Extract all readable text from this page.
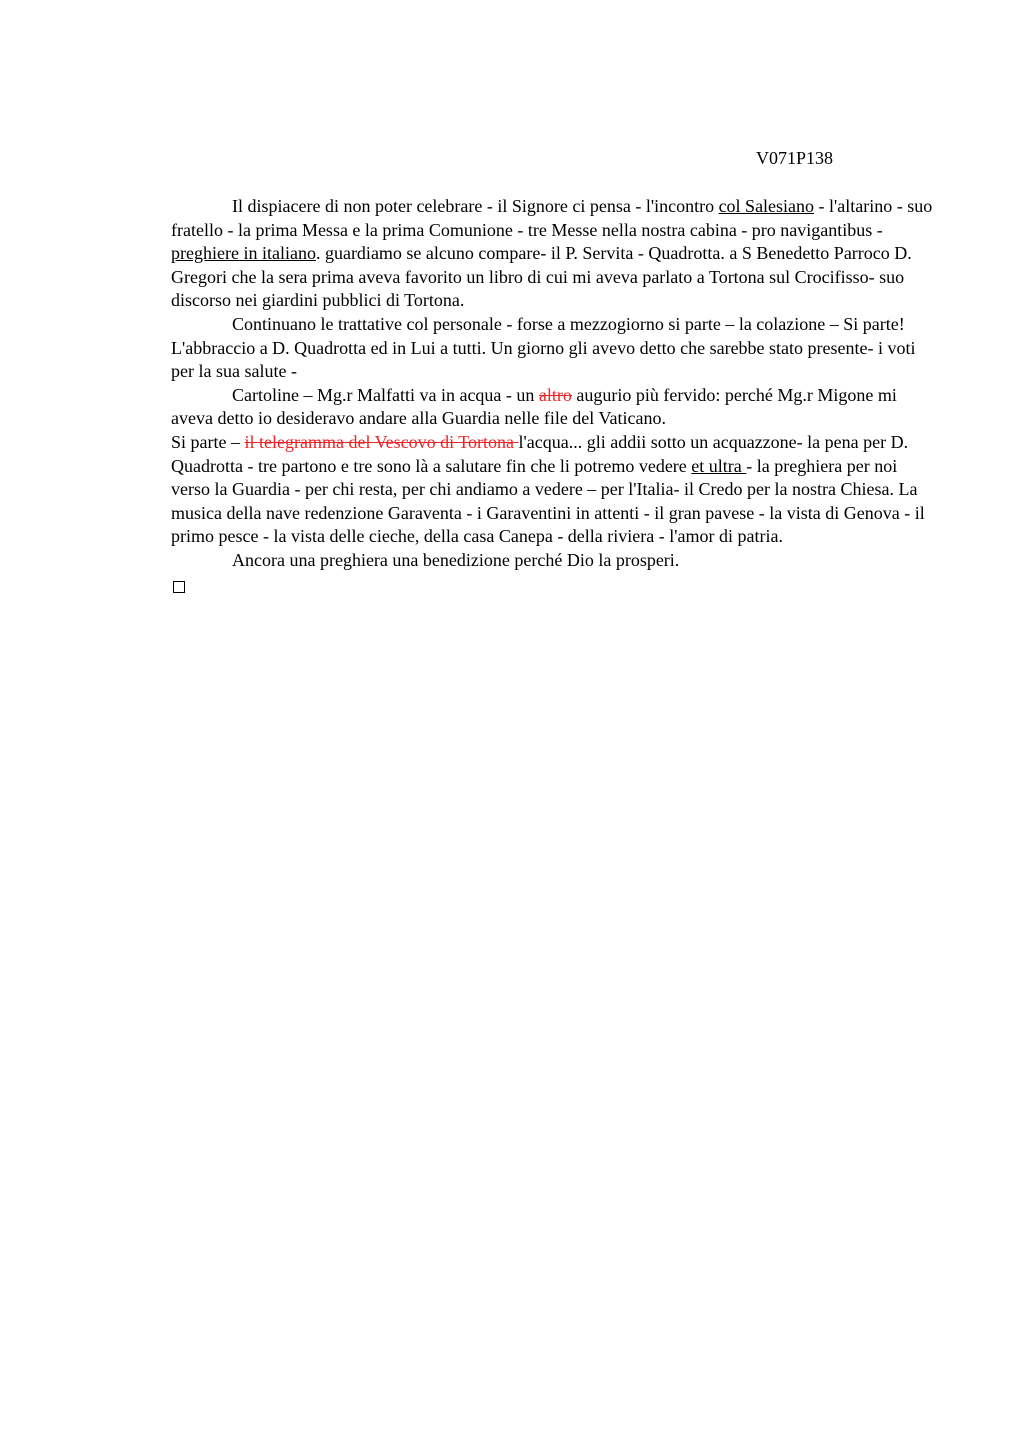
V071P138

Il dispiacere di non poter celebrare - il Signore ci pensa - l'incontro col Salesiano - l'altarino - suo fratello - la prima Messa e la prima Comunione - tre Messe nella nostra cabina - pro navigantibus - preghiere in italiano. guardiamo se alcuno compare- il P. Servita - Quadrotta. a S Benedetto Parroco D. Gregori che la sera prima aveva favorito un libro di cui mi aveva parlato a Tortona sul Crocifisso- suo discorso nei giardini pubblici di Tortona.

Continuano le trattative col personale - forse a mezzogiorno si parte – la colazione – Si parte! L'abbraccio a D. Quadrotta ed in Lui a tutti. Un giorno gli avevo detto che sarebbe stato presente- i voti per la sua salute -

Cartoline – Mg.r Malfatti va in acqua - un altro augurio più fervido: perché Mg.r Migone mi aveva detto io desideravo andare alla Guardia nelle file del Vaticano.

Si parte – il telegramma del Vescovo di Tortona l'acqua... gli addii sotto un acquazzone- la pena per D. Quadrotta - tre partono e tre sono là a salutare fin che li potremo vedere et ultra - la preghiera per noi verso la Guardia - per chi resta, per chi andiamo a vedere – per l'Italia- il Credo per la nostra Chiesa. La musica della nave redenzione Garaventa - i Garaventini in attenti - il gran pavese - la vista di Genova - il primo pesce - la vista delle cieche, della casa Canepa - della riviera - l'amor di patria.

Ancora una preghiera una benedizione perché Dio la prosperi.
